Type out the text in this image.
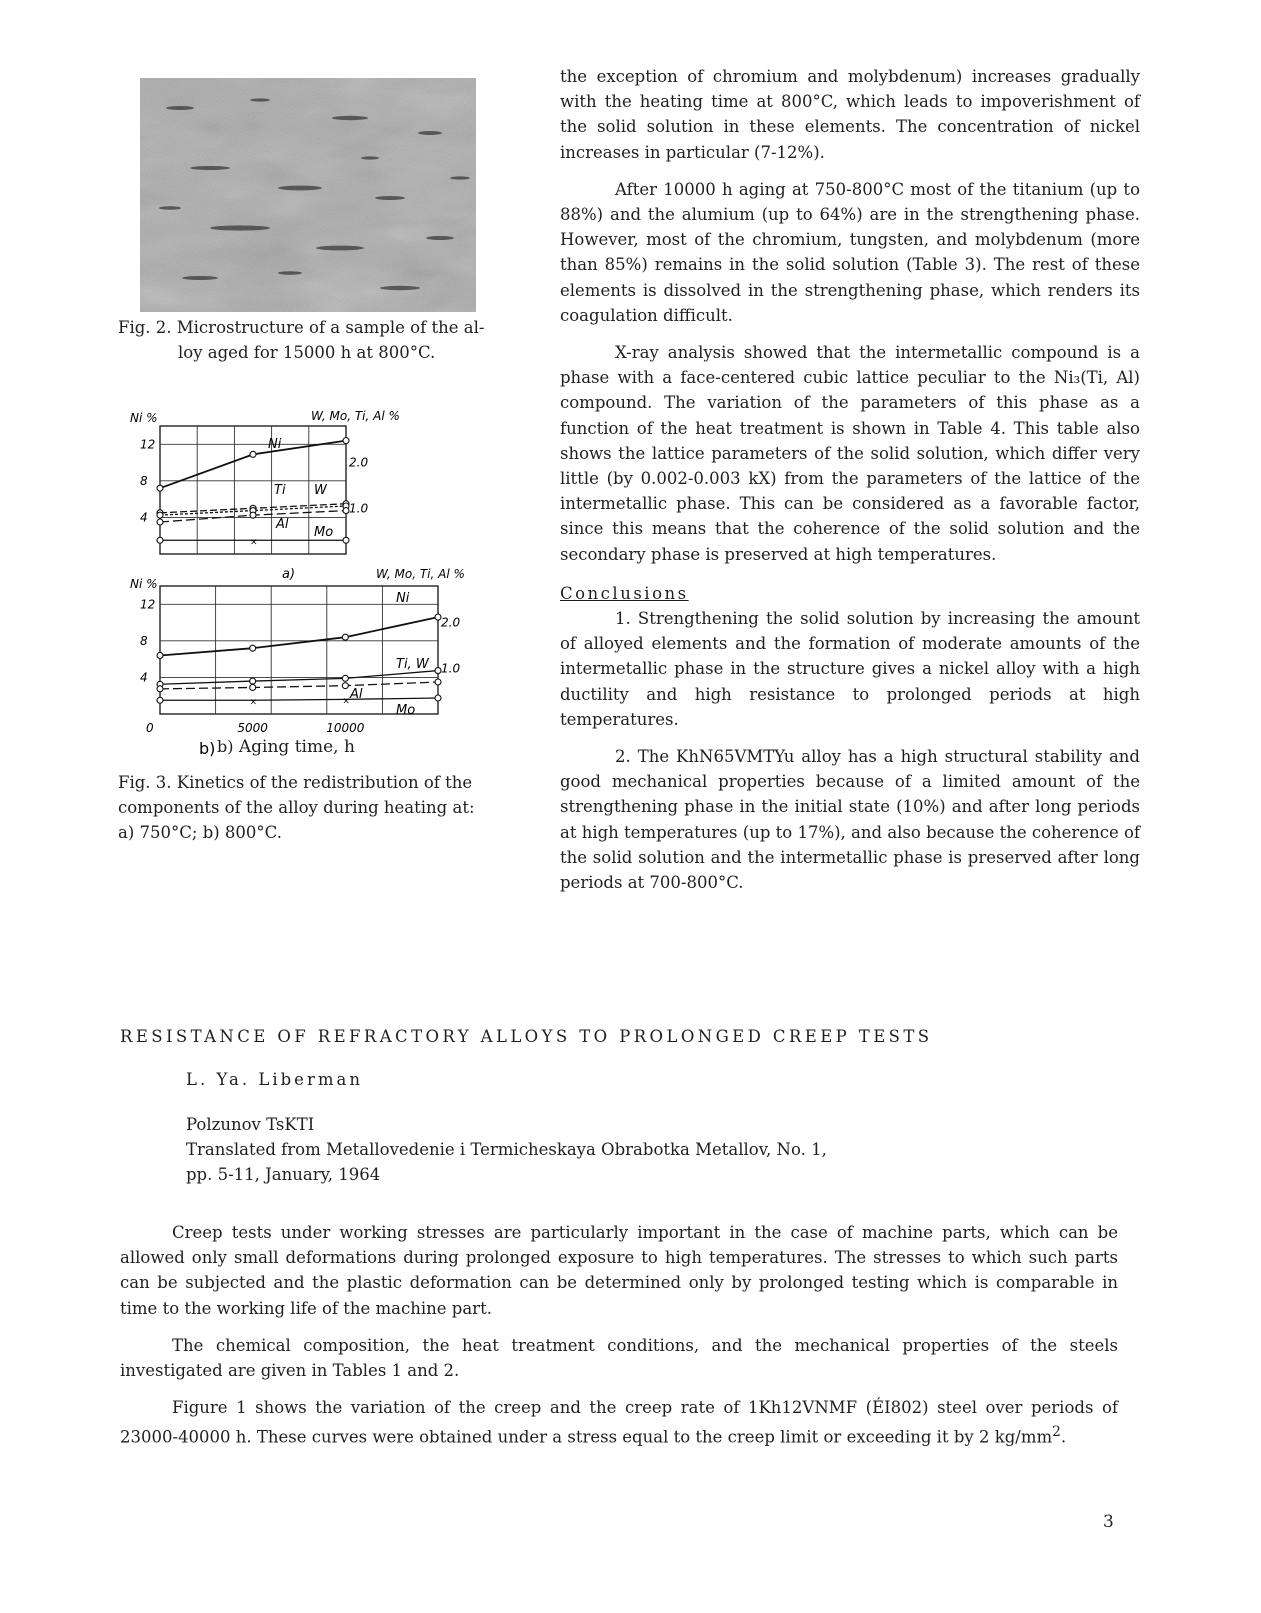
Fig. 2. Microstructure of a sample of the al-

loy aged for 15000 h at 800°C.

Ni %	W, Mo, Ti, Al %
a)
Ni %
W, Mo, Ti, Al %
12
8
4
2.0
1.0
Ni
Ti W
Al
×
Mo
12
8
4
0
2.0
1.0
5000	10000
Ni
Ti, W
Al
×	×
Mo
b) b) Aging time, h

Fig. 3. Kinetics of the redistribution of the

components of the alloy during heating at:

a) 750°C; b) 800°C.

the exception of chromium and molybdenum) increases gradually with the heating time at 800°C, which leads to impoverishment of the solid solution in these elements. The concentration of nickel increases in particular (7-12%).

After 10000 h aging at 750-800°C most of the titanium (up to 88%) and the alumium (up to 64%) are in the strengthening phase. However, most of the chromium, tungsten, and molybdenum (more than 85%) remains in the solid solution (Table 3). The rest of these elements is dissolved in the strengthening phase, which renders its coagulation difficult.

X-ray analysis showed that the intermetallic compound is a phase with a face-centered cubic lattice peculiar to the Ni₃(Ti, Al) compound. The variation of the parameters of this phase as a function of the heat treatment is shown in Table 4. This table also shows the lattice parameters of the solid solution, which differ very little (by 0.002-0.003 kX) from the parameters of the lattice of the intermetallic phase. This can be considered as a favorable factor, since this means that the coherence of the solid solution and the secondary phase is preserved at high temperatures.

Conclusions

1. Strengthening the solid solution by increasing the amount of alloyed elements and the formation of moderate amounts of the intermetallic phase in the structure gives a nickel alloy with a high ductility and high resistance to prolonged periods at high temperatures.

2. The KhN65VMTYu alloy has a high structural stability and good mechanical properties because of a limited amount of the strengthening phase in the initial state (10%) and after long periods at high temperatures (up to 17%), and also because the coherence of the solid solution and the intermetallic phase is preserved after long periods at 700-800°C.

RESISTANCE OF REFRACTORY ALLOYS TO PROLONGED CREEP TESTS
L. Ya. Liberman

Polzunov TsKTI

Translated from Metallovedenie i Termicheskaya Obrabotka Metallov, No. 1,

pp. 5-11, January, 1964

Creep tests under working stresses are particularly important in the case of machine parts, which can be allowed only small deformations during prolonged exposure to high temperatures. The stresses to which such parts can be subjected and the plastic deformation can be determined only by prolonged testing which is comparable in time to the working life of the machine part.

The chemical composition, the heat treatment conditions, and the mechanical properties of the steels investigated are given in Tables 1 and 2.

Figure 1 shows the variation of the creep and the creep rate of 1Kh12VNMF (ÉI802) steel over periods of 23000-40000 h. These curves were obtained under a stress equal to the creep limit or exceeding it by 2 $kg/mm^2$.

3
